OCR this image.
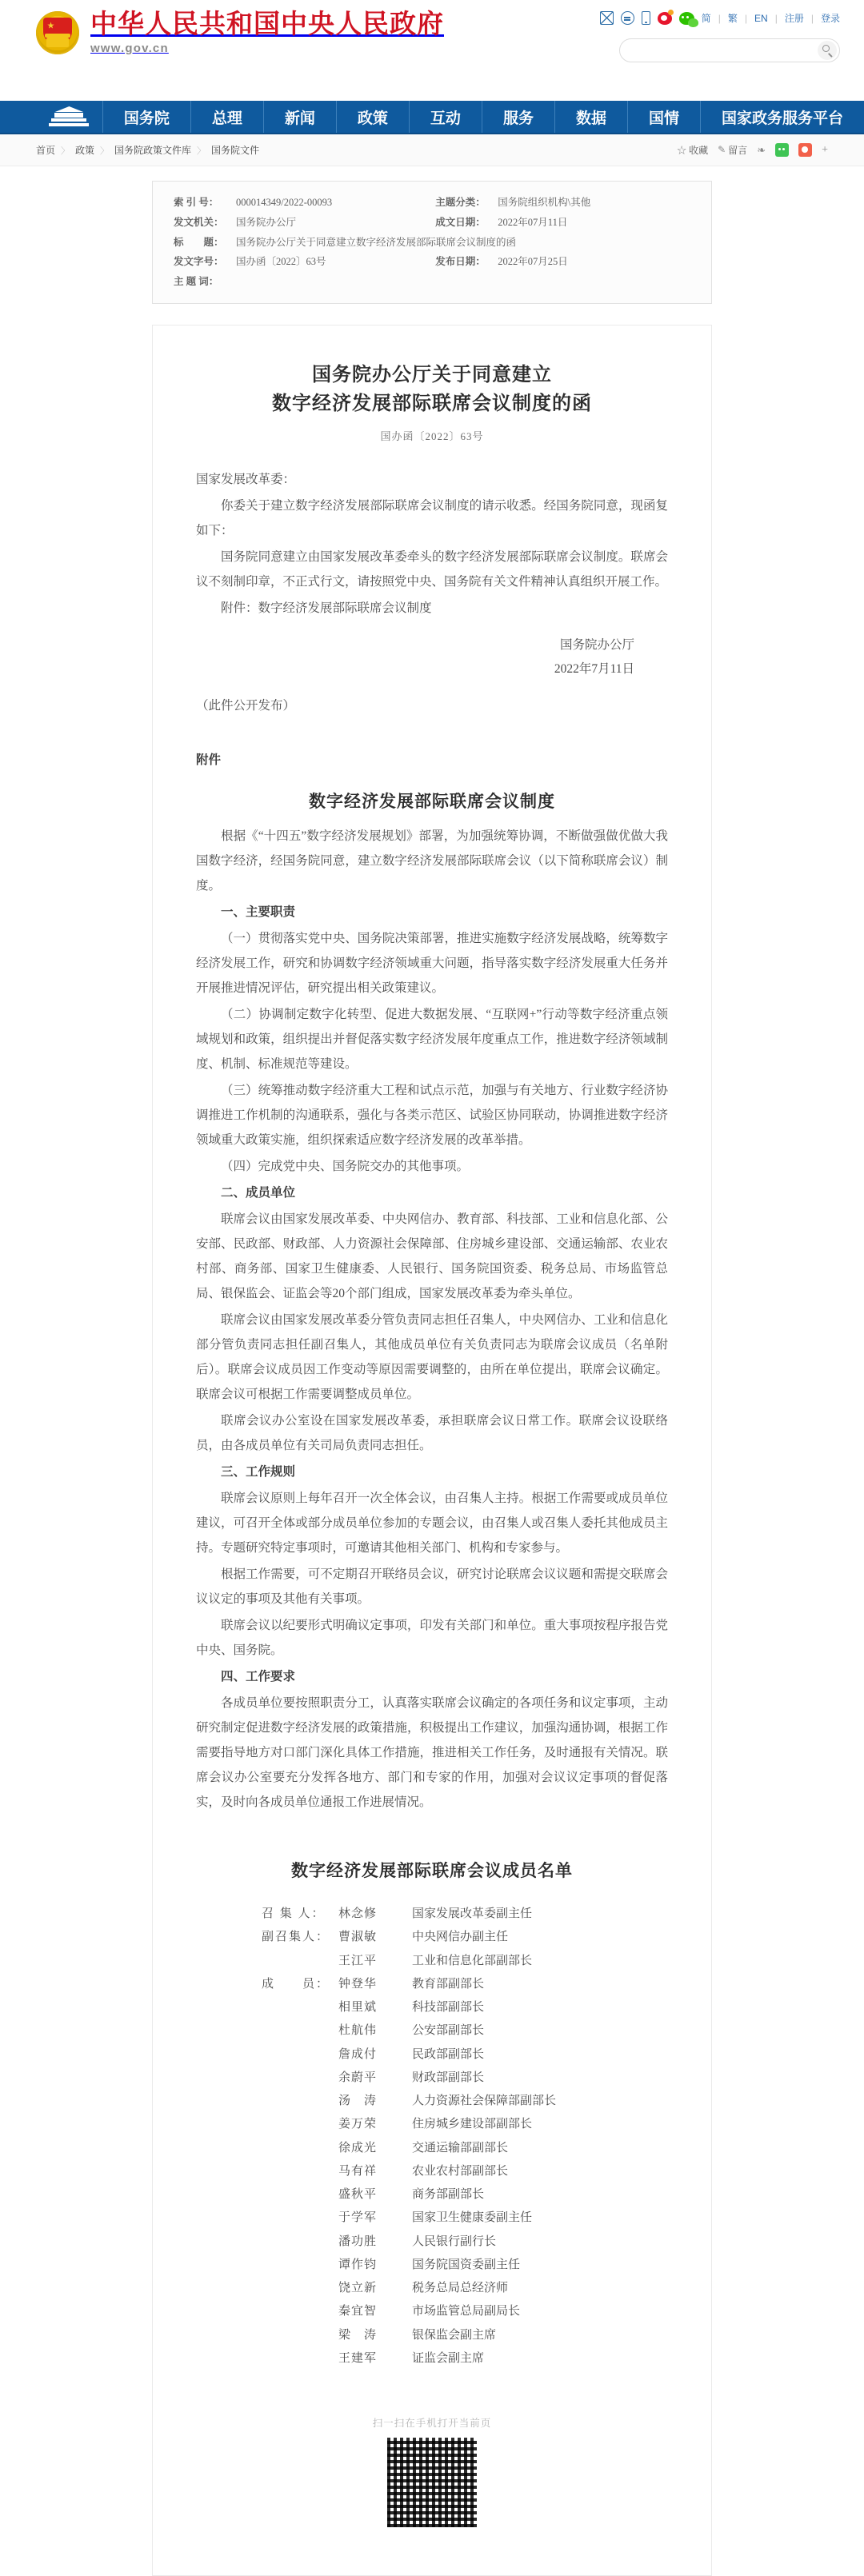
★ 中华人民共和国中央人民政府
www.gov.cn
简 | 繁 | EN | 注册 | 登录
国务院	总理	新闻	政策	互动	服务	数据	国情	国家政务服务平台
首页 〉 政策 〉 国务院政策文件库 〉 国务院文件	☆ 收藏 ✎ 留言 ❧	+
索 引 号：	000014349/2022-00093	主题分类：	国务院组织机构\其他
发文机关：	国务院办公厅	成文日期：	2022年07月11日
标　　题：	国务院办公厅关于同意建立数字经济发展部际联席会议制度的函		
发文字号：	国办函〔2022〕63号	发布日期：	2022年07月25日
主 题 词：			
国务院办公厅关于同意建立
数字经济发展部际联席会议制度的函
国办函〔2022〕63号
国家发展改革委：

你委关于建立数字经济发展部际联席会议制度的请示收悉。经国务院同意，现函复如下：

国务院同意建立由国家发展改革委牵头的数字经济发展部际联席会议制度。联席会议不刻制印章，不正式行文，请按照党中央、国务院有关文件精神认真组织开展工作。

附件：数字经济发展部际联席会议制度

国务院办公厅
2022年7月11日
（此件公开发布）
附件
数字经济发展部际联席会议制度

根据《“十四五”数字经济发展规划》部署，为加强统筹协调，不断做强做优做大我国数字经济，经国务院同意，建立数字经济发展部际联席会议（以下简称联席会议）制度。

一、主要职责

（一）贯彻落实党中央、国务院决策部署，推进实施数字经济发展战略，统筹数字经济发展工作，研究和协调数字经济领域重大问题，指导落实数字经济发展重大任务并开展推进情况评估，研究提出相关政策建议。

（二）协调制定数字化转型、促进大数据发展、“互联网+”行动等数字经济重点领域规划和政策，组织提出并督促落实数字经济发展年度重点工作，推进数字经济领域制度、机制、标准规范等建设。

（三）统筹推动数字经济重大工程和试点示范，加强与有关地方、行业数字经济协调推进工作机制的沟通联系，强化与各类示范区、试验区协同联动，协调推进数字经济领域重大政策实施，组织探索适应数字经济发展的改革举措。

（四）完成党中央、国务院交办的其他事项。

二、成员单位

联席会议由国家发展改革委、中央网信办、教育部、科技部、工业和信息化部、公安部、民政部、财政部、人力资源社会保障部、住房城乡建设部、交通运输部、农业农村部、商务部、国家卫生健康委、人民银行、国务院国资委、税务总局、市场监管总局、银保监会、证监会等20个部门组成，国家发展改革委为牵头单位。

联席会议由国家发展改革委分管负责同志担任召集人，中央网信办、工业和信息化部分管负责同志担任副召集人，其他成员单位有关负责同志为联席会议成员（名单附后）。联席会议成员因工作变动等原因需要调整的，由所在单位提出，联席会议确定。联席会议可根据工作需要调整成员单位。

联席会议办公室设在国家发展改革委，承担联席会议日常工作。联席会议设联络员，由各成员单位有关司局负责同志担任。

三、工作规则

联席会议原则上每年召开一次全体会议，由召集人主持。根据工作需要或成员单位建议，可召开全体或部分成员单位参加的专题会议，由召集人或召集人委托其他成员主持。专题研究特定事项时，可邀请其他相关部门、机构和专家参与。

根据工作需要，可不定期召开联络员会议，研究讨论联席会议议题和需提交联席会议议定的事项及其他有关事项。

联席会议以纪要形式明确议定事项，印发有关部门和单位。重大事项按程序报告党中央、国务院。

四、工作要求

各成员单位要按照职责分工，认真落实联席会议确定的各项任务和议定事项，主动研究制定促进数字经济发展的政策措施，积极提出工作建议，加强沟通协调，根据工作需要指导地方对口部门深化具体工作措施，推进相关工作任务，及时通报有关情况。联席会议办公室要充分发挥各地方、部门和专家的作用，加强对会议议定事项的督促落实，及时向各成员单位通报工作进展情况。

数字经济发展部际联席会议成员名单
召 集 人：	林念修	国家发展改革委副主任
副召集人： 曹淑敏	中央网信办副主任
王江平	工业和信息化部副部长
成　　员： 钟登华	教育部副部长
相里斌	科技部副部长
杜航伟	公安部副部长
詹成付	民政部副部长
余蔚平	财政部副部长
汤　涛	人力资源社会保障部副部长
姜万荣	住房城乡建设部副部长
徐成光	交通运输部副部长
马有祥	农业农村部副部长
盛秋平	商务部副部长
于学军	国家卫生健康委副主任
潘功胜	人民银行副行长
谭作钧	国务院国资委副主任
饶立新	税务总局总经济师
秦宜智	市场监管总局副局长
梁　涛	银保监会副主席
王建军	证监会副主席
扫一扫在手机打开当前页
